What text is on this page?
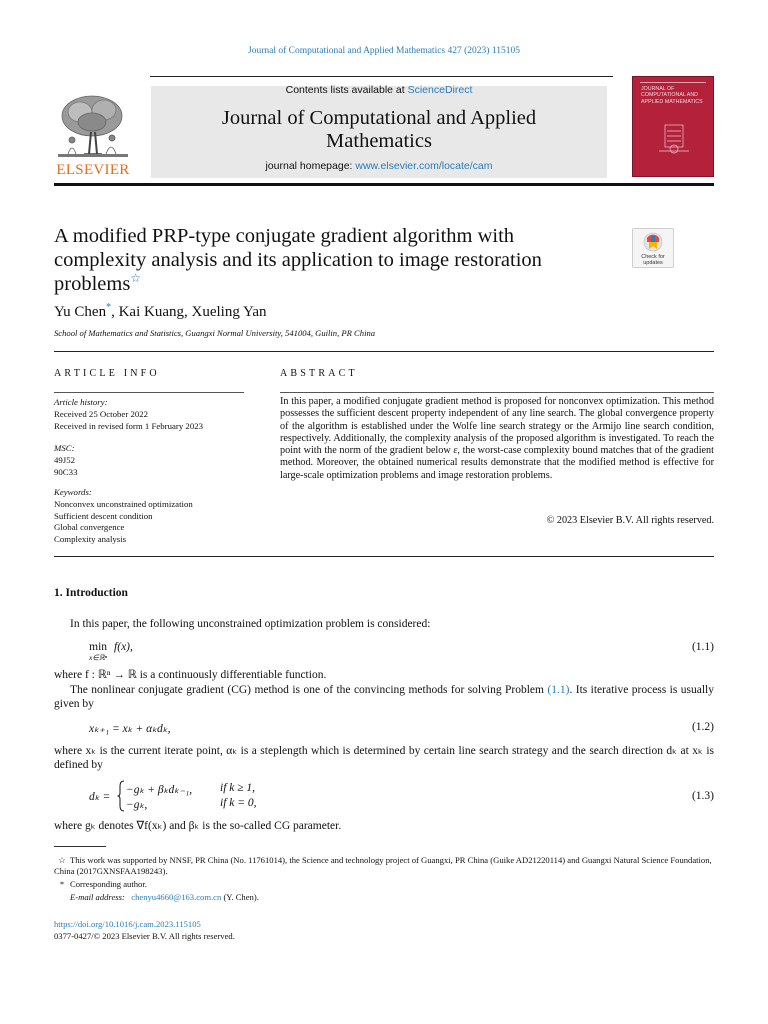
Journal of Computational and Applied Mathematics 427 (2023) 115105
ELSEVIER
Contents lists available at ScienceDirect
Journal of Computational and Applied
Mathematics
journal homepage: www.elsevier.com/locate/cam
JOURNAL OF COMPUTATIONAL AND APPLIED MATHEMATICS
A modified PRP-type conjugate gradient algorithm with
complexity analysis and its application to image restoration
problems☆
Check for
updates
Yu Chen*, Kai Kuang, Xueling Yan
School of Mathematics and Statistics, Guangxi Normal University, 541004, Guilin, PR China
ARTICLE INFO
Article history:
Received 25 October 2022
Received in revised form 1 February 2023
MSC:
49J52
90C33
Keywords:
Nonconvex unconstrained optimization
Sufficient descent condition
Global convergence
Complexity analysis
ABSTRACT
In this paper, a modified conjugate gradient method is proposed for nonconvex optimization. This method possesses the sufficient descent property independent of any line search. The global convergence property of the algorithm is established under the Wolfe line search strategy or the Armijo line search condition, respectively. Additionally, the complexity analysis of the proposed algorithm is investigated. To reach the point with the norm of the gradient below ε, the worst-case complexity bound matches that of the gradient method. Moreover, the obtained numerical results demonstrate that the modified method is effective for large-scale optimization problems and image restoration problems.
© 2023 Elsevier B.V. All rights reserved.
1. Introduction
In this paper, the following unconstrained optimization problem is considered:
min
x∈ℝⁿ
f(x),	(1.1)
where f : ℝⁿ → ℝ is a continuously differentiable function.
The nonlinear conjugate gradient (CG) method is one of the convincing methods for solving Problem (1.1). Its iterative process is usually given by
xₖ₊₁ = xₖ + αₖdₖ,	(1.2)
where xₖ is the current iterate point, αₖ is a steplength which is determined by certain line search strategy and the search direction dₖ at xₖ is defined by
dₖ =
−gₖ + βₖdₖ₋₁, if k ≥ 1,
−gₖ,	if k = 0,
(1.3)
where gₖ denotes ∇f(xₖ) and βₖ is the so-called CG parameter.
☆ This work was supported by NNSF, PR China (No. 11761014), the Science and technology project of Guangxi, PR China (Guike AD21220114) and Guangxi Natural Science Foundation, China (2017GXNSFAA198243).
* Corresponding author.
E-mail address: chenyu4660@163.com.cn (Y. Chen).
https://doi.org/10.1016/j.cam.2023.115105
0377-0427/© 2023 Elsevier B.V. All rights reserved.
